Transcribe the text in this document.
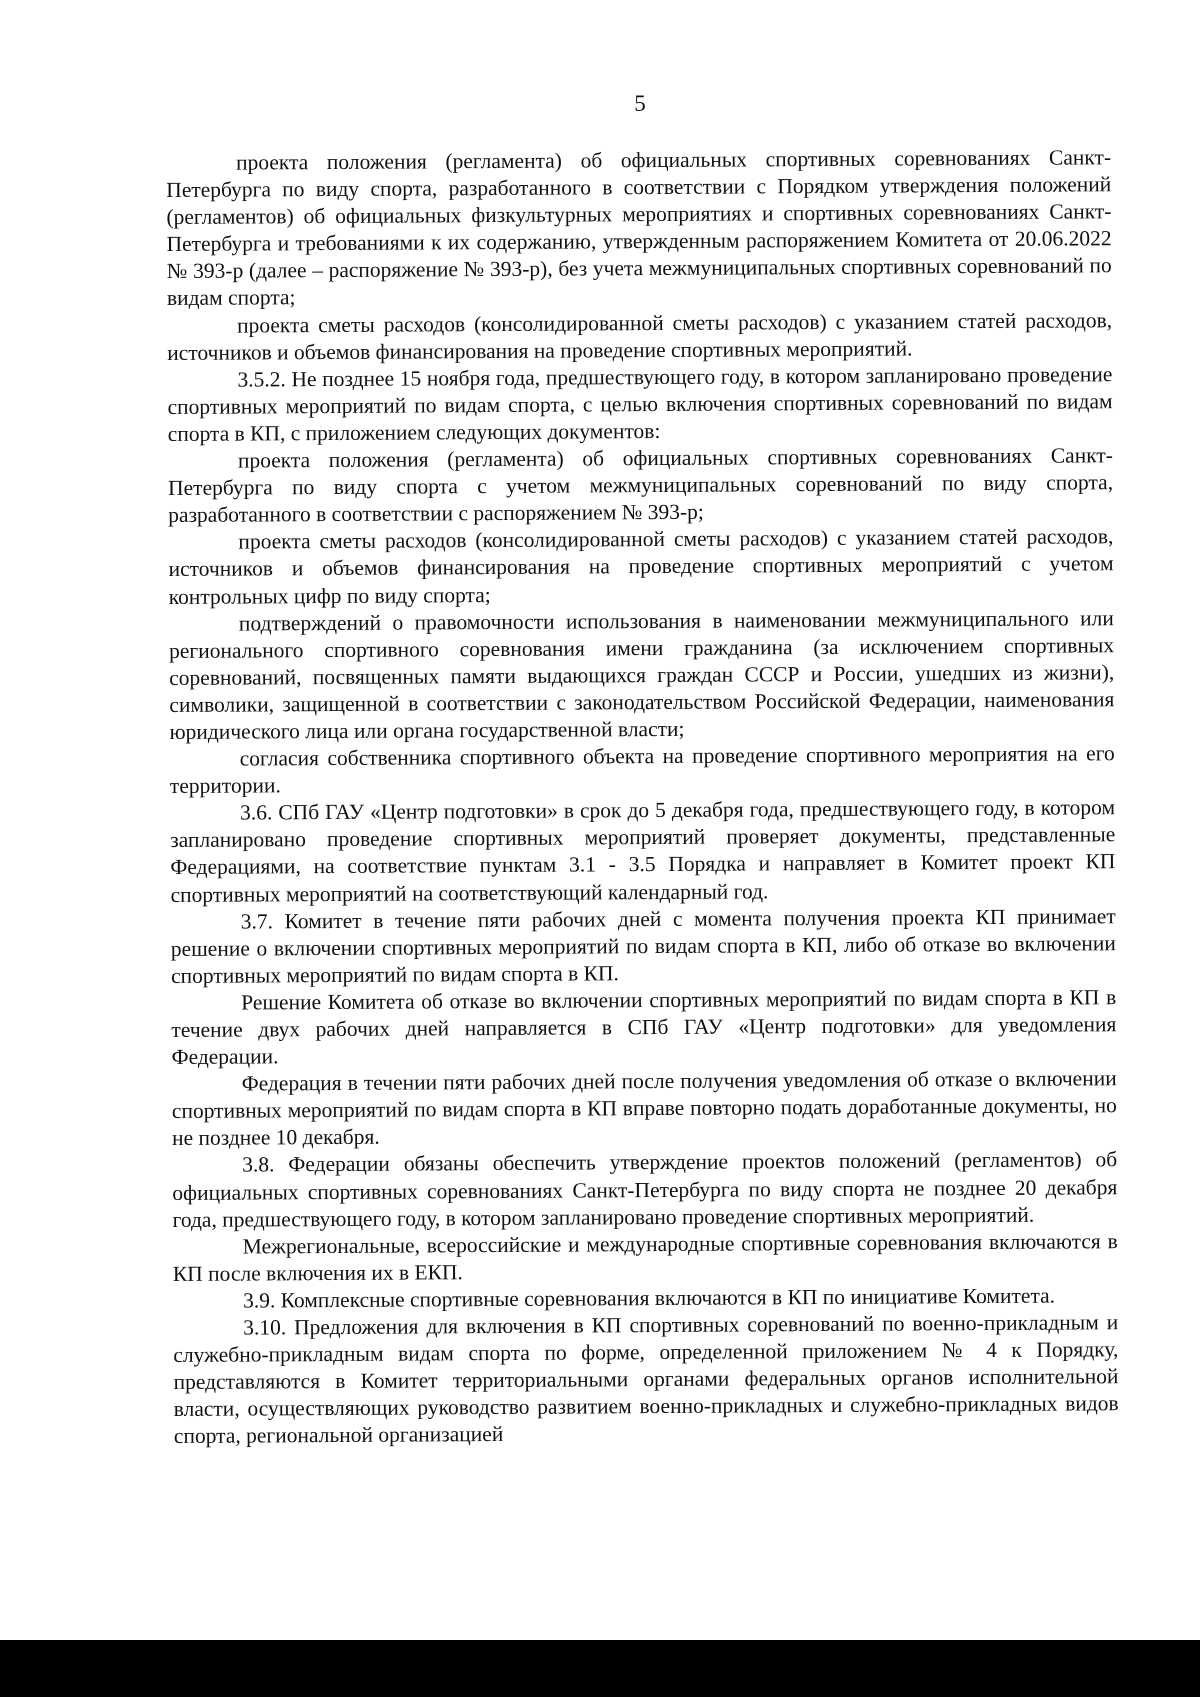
5

проекта положения (регламента) об официальных спортивных соревнованиях Санкт-Петербурга по виду спорта, разработанного в соответствии с Порядком утверждения положений (регламентов) об официальных физкультурных мероприятиях и спортивных соревнованиях Санкт-Петербурга и требованиями к их содержанию, утвержденным распоряжением Комитета от 20.06.2022 № 393-р (далее – распоряжение № 393-р), без учета межмуниципальных спортивных соревнований по видам спорта;

проекта сметы расходов (консолидированной сметы расходов) с указанием статей расходов, источников и объемов финансирования на проведение спортивных мероприятий.

3.5.2. Не позднее 15 ноября года, предшествующего году, в котором запланировано проведение спортивных мероприятий по видам спорта, с целью включения спортивных соревнований по видам спорта в КП, с приложением следующих документов:

проекта положения (регламента) об официальных спортивных соревнованиях Санкт-Петербурга по виду спорта с учетом межмуниципальных соревнований по виду спорта, разработанного в соответствии с распоряжением № 393-р;

проекта сметы расходов (консолидированной сметы расходов) с указанием статей расходов, источников и объемов финансирования на проведение спортивных мероприятий с учетом контрольных цифр по виду спорта;

подтверждений о правомочности использования в наименовании межмуниципального или регионального спортивного соревнования имени гражданина (за исключением спортивных соревнований, посвященных памяти выдающихся граждан СССР и России, ушедших из жизни), символики, защищенной в соответствии с законодательством Российской Федерации, наименования юридического лица или органа государственной власти;

согласия собственника спортивного объекта на проведение спортивного мероприятия на его территории.

3.6. СПб ГАУ «Центр подготовки» в срок до 5 декабря года, предшествующего году, в котором запланировано проведение спортивных мероприятий проверяет документы, представленные Федерациями, на соответствие пунктам 3.1 - 3.5 Порядка и направляет в Комитет проект КП спортивных мероприятий на соответствующий календарный год.

3.7. Комитет в течение пяти рабочих дней с момента получения проекта КП принимает решение о включении спортивных мероприятий по видам спорта в КП, либо об отказе во включении спортивных мероприятий по видам спорта в КП.

Решение Комитета об отказе во включении спортивных мероприятий по видам спорта в КП в течение двух рабочих дней направляется в СПб ГАУ «Центр подготовки» для уведомления Федерации.

Федерация в течении пяти рабочих дней после получения уведомления об отказе о включении спортивных мероприятий по видам спорта в КП вправе повторно подать доработанные документы, но не позднее 10 декабря.

3.8. Федерации обязаны обеспечить утверждение проектов положений (регламентов) об официальных спортивных соревнованиях Санкт-Петербурга по виду спорта не позднее 20 декабря года, предшествующего году, в котором запланировано проведение спортивных мероприятий.

Межрегиональные, всероссийские и международные спортивные соревнования включаются в КП после включения их в ЕКП.

3.9. Комплексные спортивные соревнования включаются в КП по инициативе Комитета.

3.10. Предложения для включения в КП спортивных соревнований по военно-прикладным и служебно-прикладным видам спорта по форме, определенной приложением № 4 к Порядку, представляются в Комитет территориальными органами федеральных органов исполнительной власти, осуществляющих руководство развитием военно-прикладных и служебно-прикладных видов спорта, региональной организацией
